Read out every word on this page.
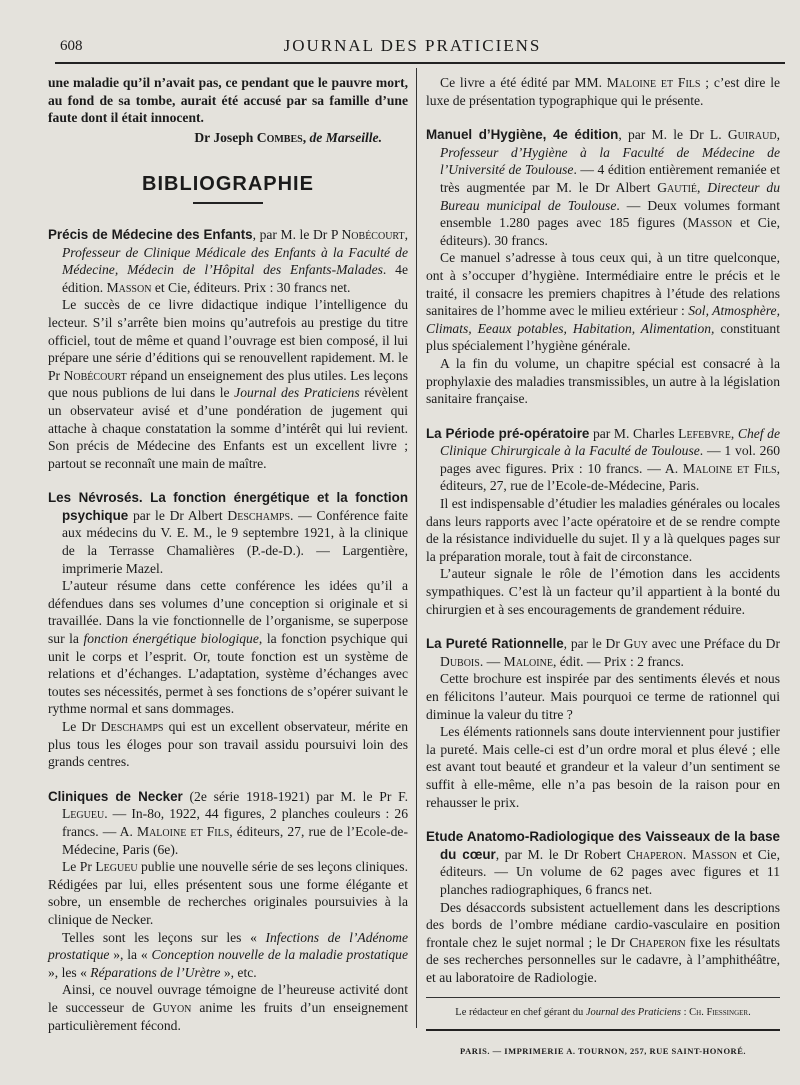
608	JOURNAL DES PRATICIENS

une maladie qu’il n’avait pas, ce pendant que le pauvre mort, au fond de sa tombe, aurait été accusé par sa famille d’une faute dont il était innocent.

Dr Joseph Combes, de Marseille.

BIBLIOGRAPHIE

Précis de Médecine des Enfants, par M. le Dr P Nobécourt, Professeur de Clinique Médicale des Enfants à la Faculté de Médecine, Médecin de l’Hôpital des Enfants-Malades. 4e édition. Masson et Cie, éditeurs. Prix : 30 francs net.

Le succès de ce livre didactique indique l’intelligence du lecteur. S’il s’arrête bien moins qu’autrefois au prestige du titre officiel, tout de même et quand l’ouvrage est bien composé, il lui prépare une série d’éditions qui se renouvellent rapidement. M. le Pr Nobécourt répand un enseignement des plus utiles. Les leçons que nous publions de lui dans le Journal des Praticiens révèlent un observateur avisé et d’une pondération de jugement qui attache à chaque constatation la somme d’intérêt qui lui revient. Son précis de Médecine des Enfants est un excellent livre ; partout se reconnaît une main de maître.

Les Névrosés. La fonction énergétique et la fonction psychique par le Dr Albert Deschamps. — Conférence faite aux médecins du V. E. M., le 9 septembre 1921, à la clinique de la Terrasse Chamalières (P.-de-D.). — Largentière, imprimerie Mazel.

L’auteur résume dans cette conférence les idées qu’il a défendues dans ses volumes d’une conception si originale et si travaillée. Dans la vie fonctionnelle de l’organisme, se superpose sur la fonction énergétique biologique, la fonction psychique qui unit le corps et l’esprit. Or, toute fonction est un système de relations et d’échanges. L’adaptation, système d’échanges avec toutes ses nécessités, permet à ses fonctions de s’opérer suivant le rythme normal et sans dommages.

Le Dr Deschamps qui est un excellent observateur, mérite en plus tous les éloges pour son travail assidu poursuivi loin des grands centres.

Cliniques de Necker (2e série 1918-1921) par M. le Pr F. Legueu. — In-8o, 1922, 44 figures, 2 planches couleurs : 26 francs. — A. Maloine et Fils, éditeurs, 27, rue de l’Ecole-de-Médecine, Paris (6e).

Le Pr Legueu publie une nouvelle série de ses leçons cliniques. Rédigées par lui, elles présentent sous une forme élégante et sobre, un ensemble de recherches originales poursuivies à la clinique de Necker.

Telles sont les leçons sur les « Infections de l’Adénome prostatique », la « Conception nouvelle de la maladie prostatique », les « Réparations de l’Urètre », etc.

Ainsi, ce nouvel ouvrage témoigne de l’heureuse activité dont le successeur de Guyon anime les fruits d’un enseignement particulièrement fécond.

Ce livre a été édité par MM. Maloine et Fils ; c’est dire le luxe de présentation typographique qui le présente.

Manuel d’Hygiène, 4e édition, par M. le Dr L. Guiraud, Professeur d’Hygiène à la Faculté de Médecine de l’Université de Toulouse. — 4 édition entièrement remaniée et très augmentée par M. le Dr Albert Gautié, Directeur du Bureau municipal de Toulouse. — Deux volumes formant ensemble 1.280 pages avec 185 figures (Masson et Cie, éditeurs). 30 francs.

Ce manuel s’adresse à tous ceux qui, à un titre quelconque, ont à s’occuper d’hygiène. Intermédiaire entre le précis et le traité, il consacre les premiers chapitres à l’étude des relations sanitaires de l’homme avec le milieu extérieur : Sol, Atmosphère, Climats, Eeaux potables, Habitation, Alimentation, constituant plus spécialement l’hygiène générale.

A la fin du volume, un chapitre spécial est consacré à la prophylaxie des maladies transmissibles, un autre à la législation sanitaire française.

La Période pré-opératoire par M. Charles Lefebvre, Chef de Clinique Chirurgicale à la Faculté de Toulouse. — 1 vol. 260 pages avec figures. Prix : 10 francs. — A. Maloine et Fils, éditeurs, 27, rue de l’Ecole-de-Médecine, Paris.

Il est indispensable d’étudier les maladies générales ou locales dans leurs rapports avec l’acte opératoire et de se rendre compte de la résistance individuelle du sujet. Il y a là quelques pages sur la préparation morale, tout à fait de circonstance.

L’auteur signale le rôle de l’émotion dans les accidents sympathiques. C’est là un facteur qu’il appartient à la bonté du chirurgien et à ses encouragements de grandement réduire.

La Pureté Rationnelle, par le Dr Guy avec une Préface du Dr Dubois. — Maloine, édit. — Prix : 2 francs.

Cette brochure est inspirée par des sentiments élevés et nous en félicitons l’auteur. Mais pourquoi ce terme de rationnel qui diminue la valeur du titre ?

Les éléments rationnels sans doute interviennent pour justifier la pureté. Mais celle-ci est d’un ordre moral et plus élevé ; elle est avant tout beauté et grandeur et la valeur d’un sentiment se suffit à elle-même, elle n’a pas besoin de la raison pour en rehausser le prix.

Etude Anatomo-Radiologique des Vaisseaux de la base du cœur, par M. le Dr Robert Chaperon. Masson et Cie, éditeurs. — Un volume de 62 pages avec figures et 11 planches radiographiques, 6 francs net.

Des désaccords subsistent actuellement dans les descriptions des bords de l’ombre médiane cardio-vasculaire en position frontale chez le sujet normal ; le Dr Chaperon fixe les résultats de ses recherches personnelles sur le cadavre, à l’amphithéâtre, et au laboratoire de Radiologie.

Le rédacteur en chef gérant du Journal des Praticiens : Ch. Fiessinger.
PARIS. — IMPRIMERIE A. TOURNON, 257, RUE SAINT-HONORÉ.
